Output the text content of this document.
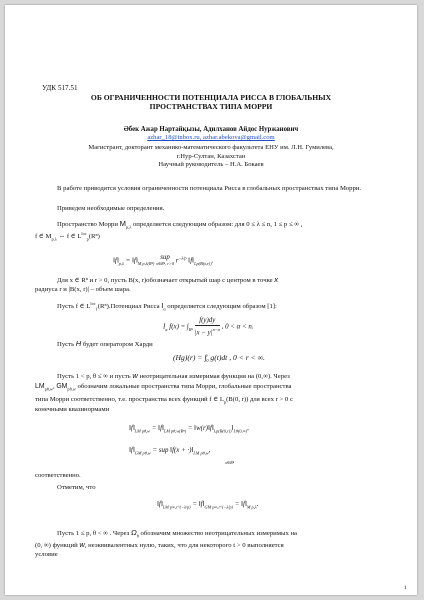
УДК 517.51
ОБ ОГРАНИЧЕННОСТИ ПОТЕНЦИАЛА РИССА В ГЛОБАЛЬНЫХ
ПРОСТРАНСТВАХ ТИПА МОРРИ
Әбек Ажар Нартайқызы, Адилханов Айдос Нуржанович
azhar_18@inbox.ru, azhar.abekova@gmail.com
Магистрант, докторант механико-математического факультета ЕНУ им. Л.Н. Гумилева,
г.Нур-Султан, Казахстан
Научный руководитель – Н.А. Бокаев
В работе приводятся условия ограниченности потенциала Рисса в глобальных пространствах типа Морри.
Приведем необходимые определения.
Пространство Морри $M_{p,\lambda}$ определяется следующим образом: для 0 ≤ λ ≤ n, 1 ≤ p ≤ ∞ ,
f ∈ $M_{p,\lambda}$ ⇔ f ∈ $L^{loc}_p(R^n)$
$‖f‖_{p,\lambda}$ = $‖f‖_{M p,\lambda(R^n)}$
sup
x∈Rⁿ, r>0 $r^{-\lambda/p}$ $‖f‖_{Lp(B(x,r))}$.
Для x ∈ Rⁿ и r > 0, пусть B(x, r)обозначает открытый шар с центром в точке x
радиуса r и |B(x, r)| – объем шара.
Пусть f ∈ $L^{loc}_1(R^n).Потенциал$ Рисса $I_\alpha$ определяется следующим образом [1]:
$I_\alpha$ $f(x) = \int_{R^n} \frac{f(y)dy}{|x - y|^{n-\alpha}}$ , 0 < α < n.
Пусть H будет оператором Харди
(Hg)(r) = ∫ r
0 g(t)dt , 0 < r < ∞.
Пусть 1 < p, θ ≤ ∞ и пусть w неотрицательная измеримая функция на (0,∞). Через
$LM_{p\theta,w}$, $GM_{p\theta,w}$ обозначим локальные пространства типа Морри, глобальные пространства
типа Морри соответственно, т.е. пространства всех функций f ∈ $L_p(B(0$, r)) для всех r > 0 с
конечными квазинормами
$‖f‖_{LM p\theta,w}$ = $‖f‖_{LM p\theta,w(R^n)}$ = $‖w(r)‖f‖_{Lp(B(0,r))}‖_{L\theta(0,\infty)}$,
$‖f‖_{GM p\theta,w}$ = sup ‖f(x + $\cdot)‖_{LM p\theta,w}$,
x∈Rⁿ
соответственно.
Отметим, что
$‖f‖_{LM p\infty,r\^{}(-\lambda/p)}$ = $‖f‖_{GM p\infty,r\^{}(-\lambda/p)}$ = $‖f‖_{M p,\lambda}$.
Пусть 1 ≤ p, θ < ∞ . Через $\Omega_\theta$ обозначим множество неотрицательных измеримых на
(0, ∞) функций w, неэквивалентных нулю, таких, что для некоторого t > 0 выполняется
условие
1
